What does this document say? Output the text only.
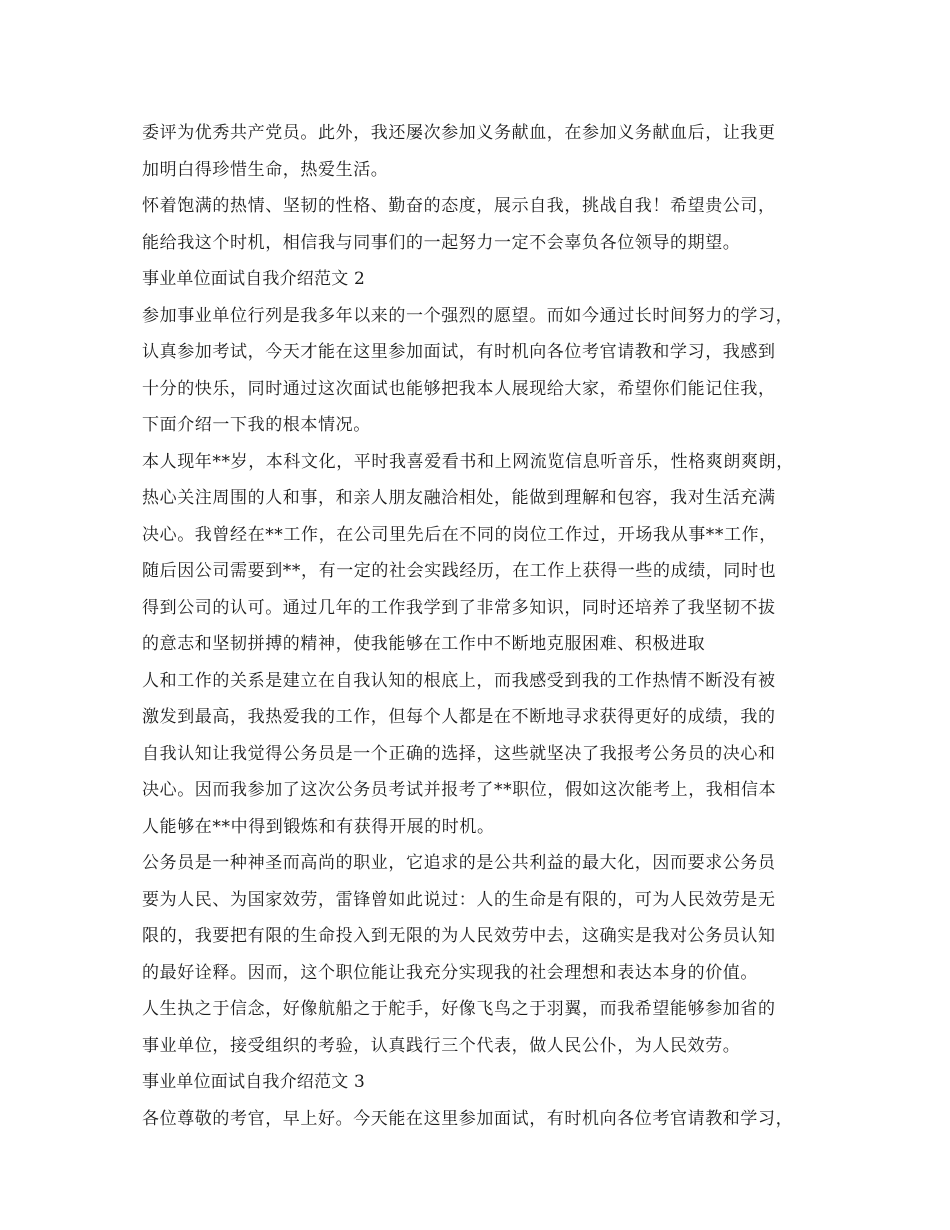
委评为优秀共产党员。此外，我还屡次参加义务献血，在参加义务献血后，让我更
加明白得珍惜生命，热爱生活。
怀着饱满的热情、坚韧的性格、勤奋的态度，展示自我，挑战自我！希望贵公司，
能给我这个时机，相信我与同事们的一起努力一定不会辜负各位领导的期望。
事业单位面试自我介绍范文 2
参加事业单位行列是我多年以来的一个强烈的愿望。而如今通过长时间努力的学习，
认真参加考试，今天才能在这里参加面试，有时机向各位考官请教和学习，我感到
十分的快乐，同时通过这次面试也能够把我本人展现给大家，希望你们能记住我，
下面介绍一下我的根本情况。
本人现年**岁，本科文化，平时我喜爱看书和上网流览信息听音乐，性格爽朗爽朗，
热心关注周围的人和事，和亲人朋友融洽相处，能做到理解和包容，我对生活充满
决心。我曾经在**工作，在公司里先后在不同的岗位工作过，开场我从事**工作，
随后因公司需要到**，有一定的社会实践经历，在工作上获得一些的成绩，同时也
得到公司的认可。通过几年的工作我学到了非常多知识，同时还培养了我坚韧不拔
的意志和坚韧拼搏的精神，使我能够在工作中不断地克服困难、积极进取
人和工作的关系是建立在自我认知的根底上，而我感受到我的工作热情不断没有被
激发到最高，我热爱我的工作，但每个人都是在不断地寻求获得更好的成绩，我的
自我认知让我觉得公务员是一个正确的选择，这些就坚决了我报考公务员的决心和
决心。因而我参加了这次公务员考试并报考了**职位，假如这次能考上，我相信本
人能够在**中得到锻炼和有获得开展的时机。
公务员是一种神圣而高尚的职业，它追求的是公共利益的最大化，因而要求公务员
要为人民、为国家效劳，雷锋曾如此说过：人的生命是有限的，可为人民效劳是无
限的，我要把有限的生命投入到无限的为人民效劳中去，这确实是我对公务员认知
的最好诠释。因而，这个职位能让我充分实现我的社会理想和表达本身的价值。
人生执之于信念，好像航船之于舵手，好像飞鸟之于羽翼，而我希望能够参加省的
事业单位，接受组织的考验，认真践行三个代表，做人民公仆，为人民效劳。
事业单位面试自我介绍范文 3
各位尊敬的考官，早上好。今天能在这里参加面试，有时机向各位考官请教和学习，
